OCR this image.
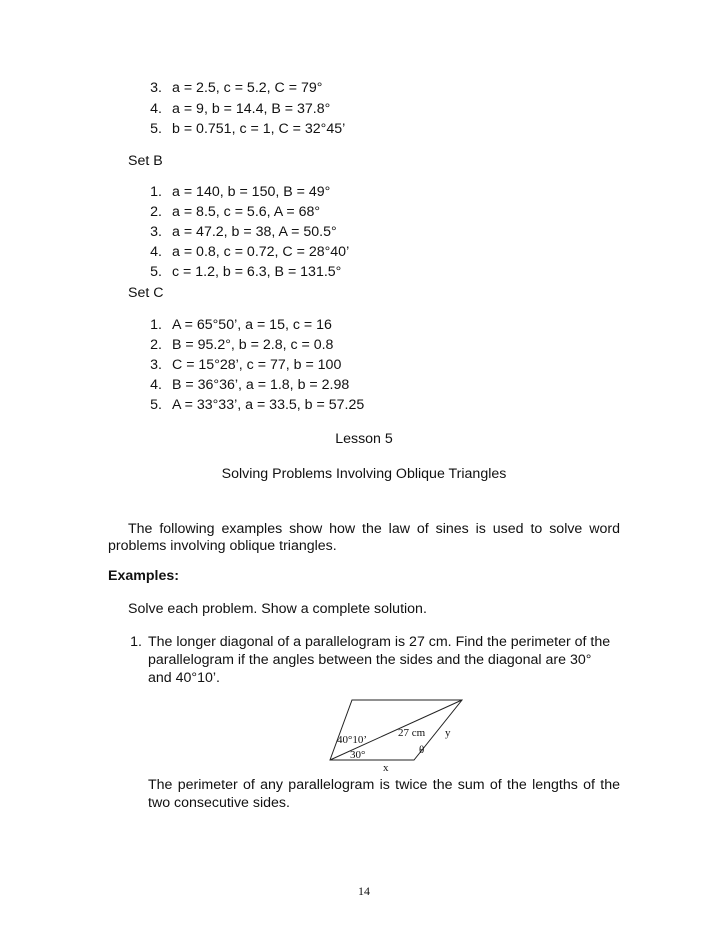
3. a = 2.5, c = 5.2, C = 79°
4. a = 9, b = 14.4, B = 37.8°
5. b = 0.751, c = 1, C = 32°45’
Set B
1. a = 140, b = 150, B = 49°
2. a = 8.5, c = 5.6, A = 68°
3. a = 47.2, b = 38, A = 50.5°
4. a = 0.8, c = 0.72, C = 28°40’
5. c = 1.2, b = 6.3, B = 131.5°
Set C
1. A = 65°50’, a = 15, c = 16
2. B = 95.2°, b = 2.8, c = 0.8
3. C = 15°28’, c = 77, b = 100
4. B = 36°36’, a = 1.8, b = 2.98
5. A = 33°33’, a = 33.5, b = 57.25
Lesson 5
Solving Problems Involving Oblique Triangles
The following examples show how the law of sines is used to solve word
problems involving oblique triangles.
Examples:
Solve each problem. Show a complete solution.
1. The longer diagonal of a parallelogram is 27 cm. Find the perimeter of the
parallelogram if the angles between the sides and the diagonal are 30°
and 40°10’.
40°10’
27 cm y
30°	θ
x
The perimeter of any parallelogram is twice the sum of the lengths of the
two consecutive sides.
14
